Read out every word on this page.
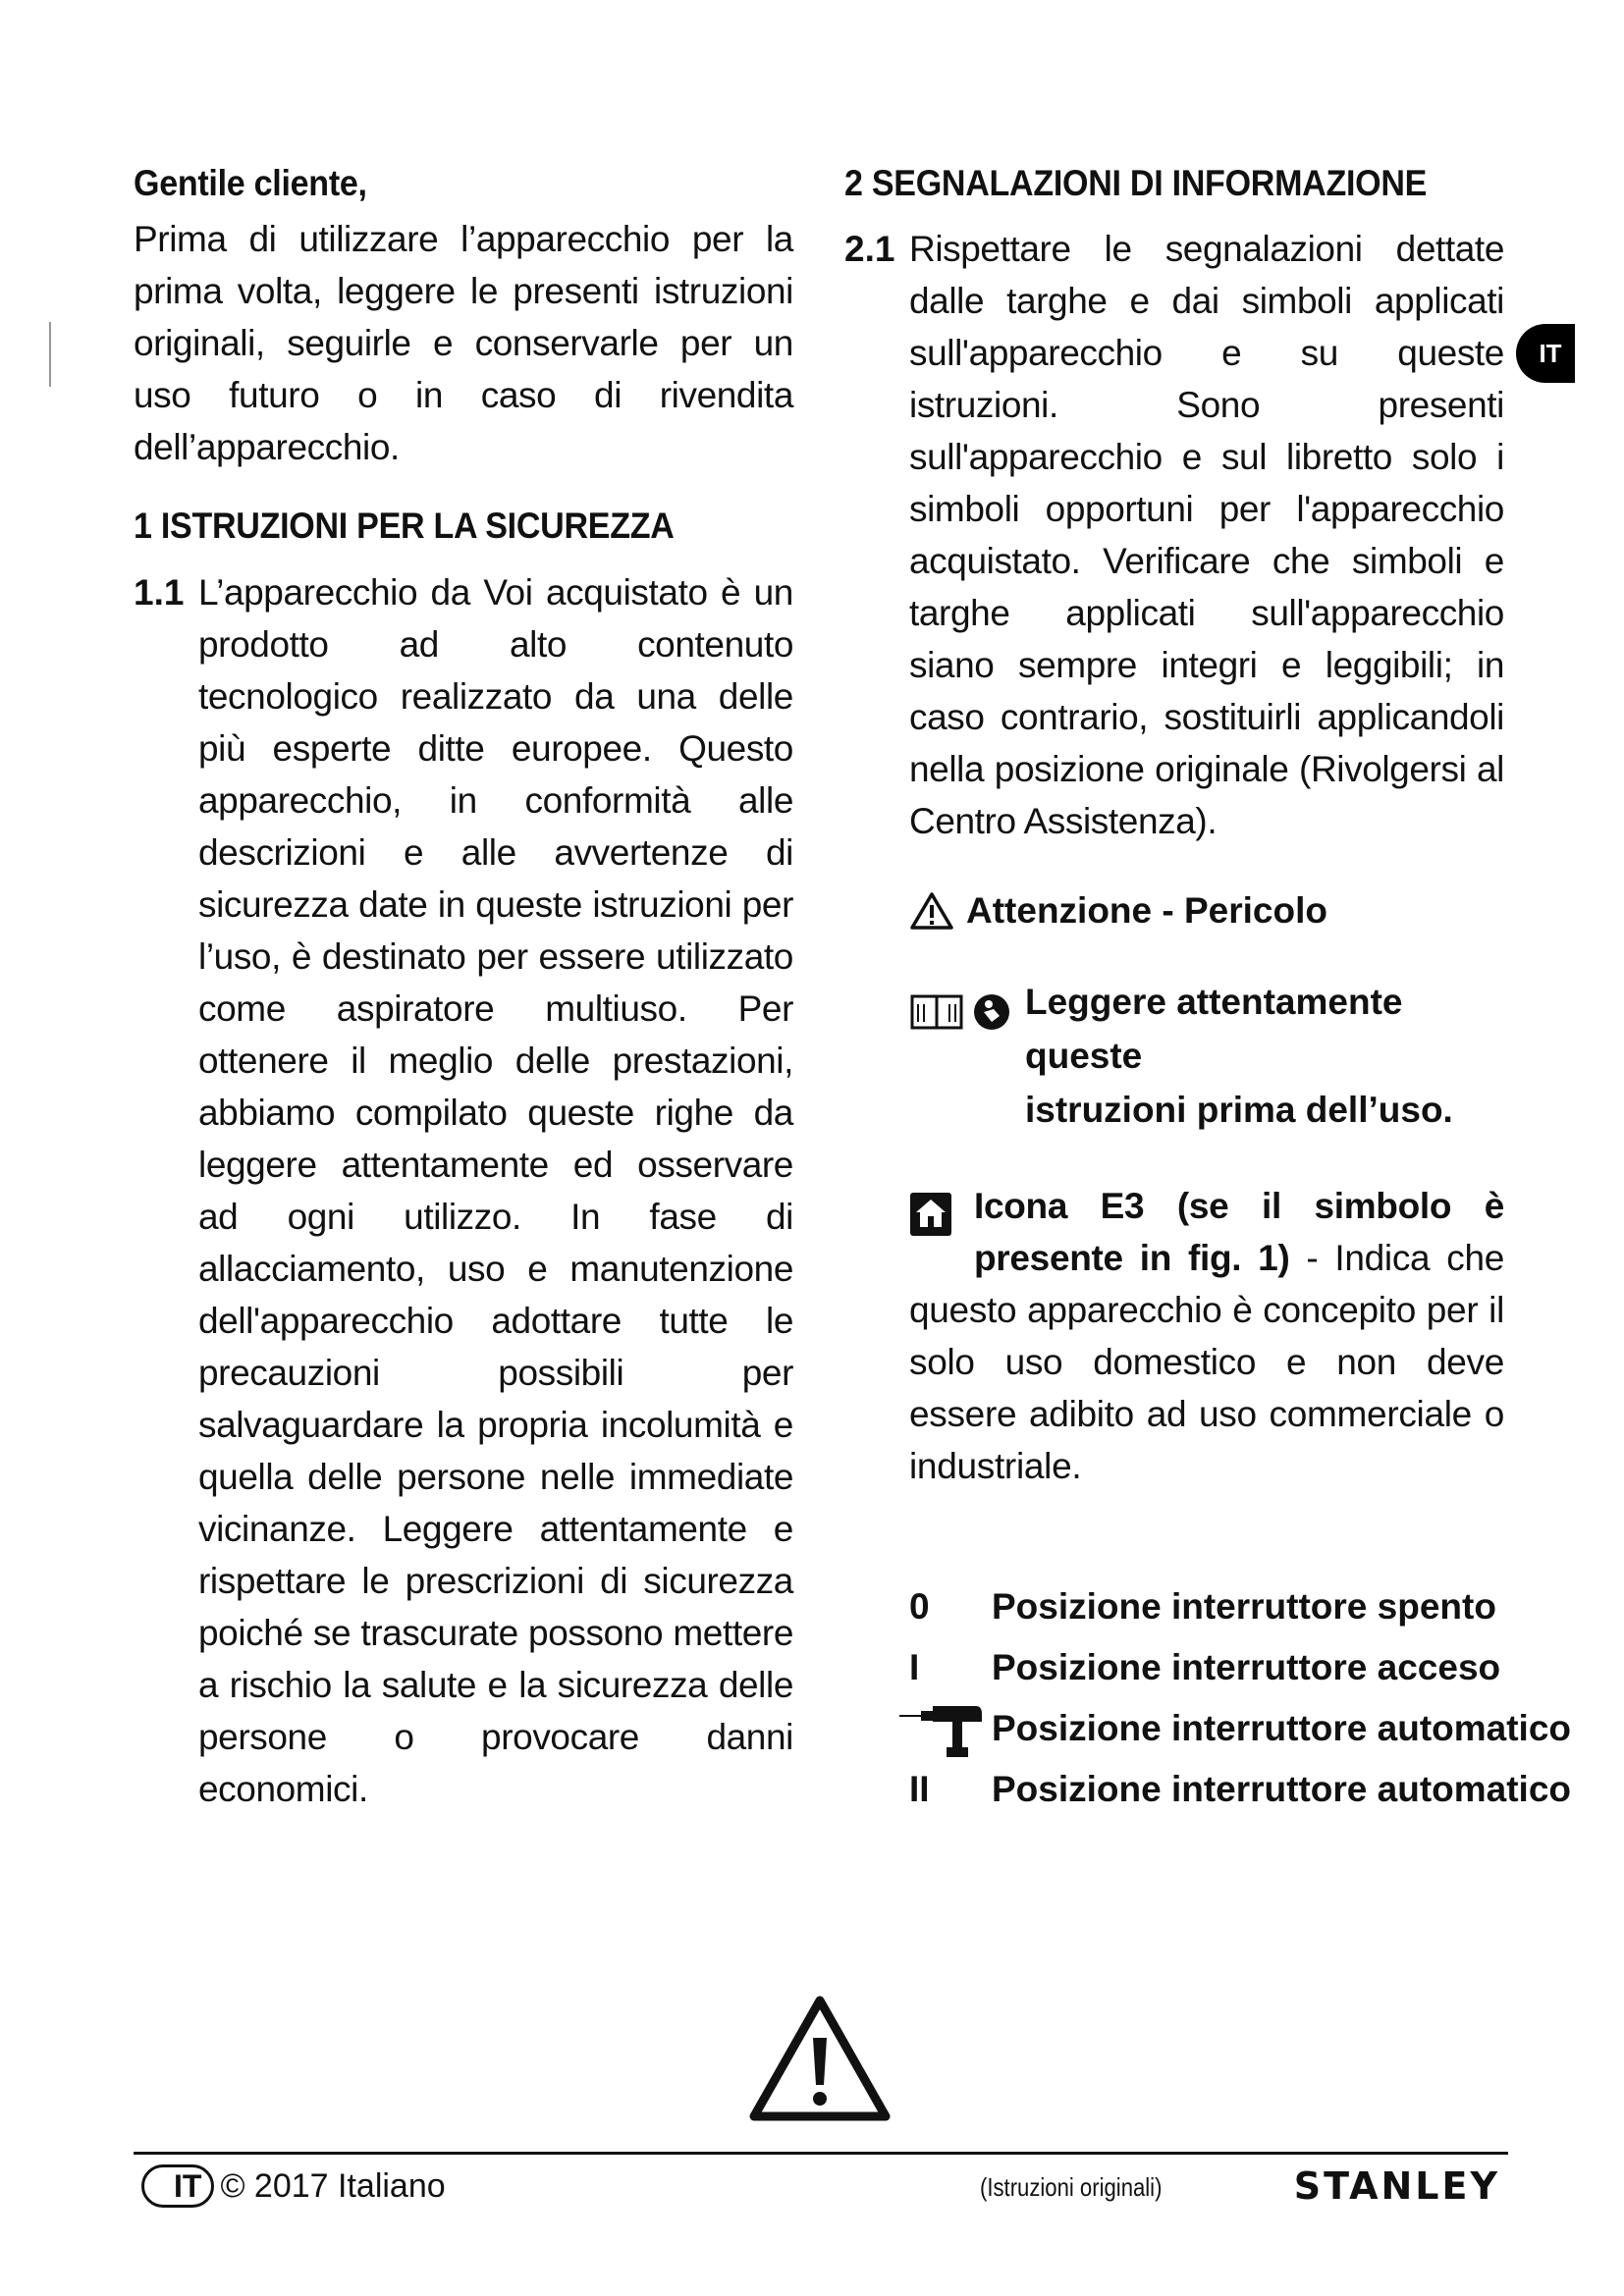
IT

Gentile cliente,

Prima di utilizzare l’apparecchio per la prima volta, leggere le presenti istruzioni originali, seguirle e conservarle per un uso futuro o in caso di rivendita dell’apparecchio.

1 ISTRUZIONI PER LA SICUREZZA

1.1 L’apparecchio da Voi acquistato è un prodotto ad alto contenuto tecnologico realizzato da una delle più esperte ditte europee. Questo apparecchio, in conformità alle descrizioni e alle avvertenze di sicurezza date in queste istruzioni per l’uso, è destinato per essere utilizzato come aspiratore multiuso. Per ottenere il meglio delle prestazioni, abbiamo compilato queste righe da leggere attentamente ed osservare ad ogni utilizzo. In fase di allacciamento, uso e manutenzione dell'apparecchio adottare tutte le precauzioni possibili per salvaguardare la propria incolumità e quella delle persone nelle immediate vicinanze. Leggere attentamente e rispettare le prescrizioni di sicurezza poiché se trascurate possono mettere a rischio la salute e la sicurezza delle persone o provocare danni economici.

2 SEGNALAZIONI DI INFORMAZIONE

2.1 Rispettare le segnalazioni dettate dalle targhe e dai simboli applicati sull'apparecchio e su queste istruzioni. Sono presenti sull'apparecchio e sul libretto solo i simboli opportuni per l'apparecchio acquistato. Verificare che simboli e targhe applicati sull'apparecchio siano sempre integri e leggibili; in caso contrario, sostituirli applicandoli nella posizione originale (Rivolgersi al Centro Assistenza).
Attenzione - Pericolo
Leggere attentamente queste
istruzioni prima dell’uso.
Icona E3 (se il simbolo è presente in fig. 1) - Indica che questo apparecchio è concepito per il solo uso domestico e non deve essere adibito ad uso commerciale o industriale.
0	Posizione interruttore spento
I	Posizione interruttore acceso
Posizione interruttore automatico
II	Posizione interruttore automatico
IT © 2017 Italiano	(Istruzioni originali)	STANLEY
